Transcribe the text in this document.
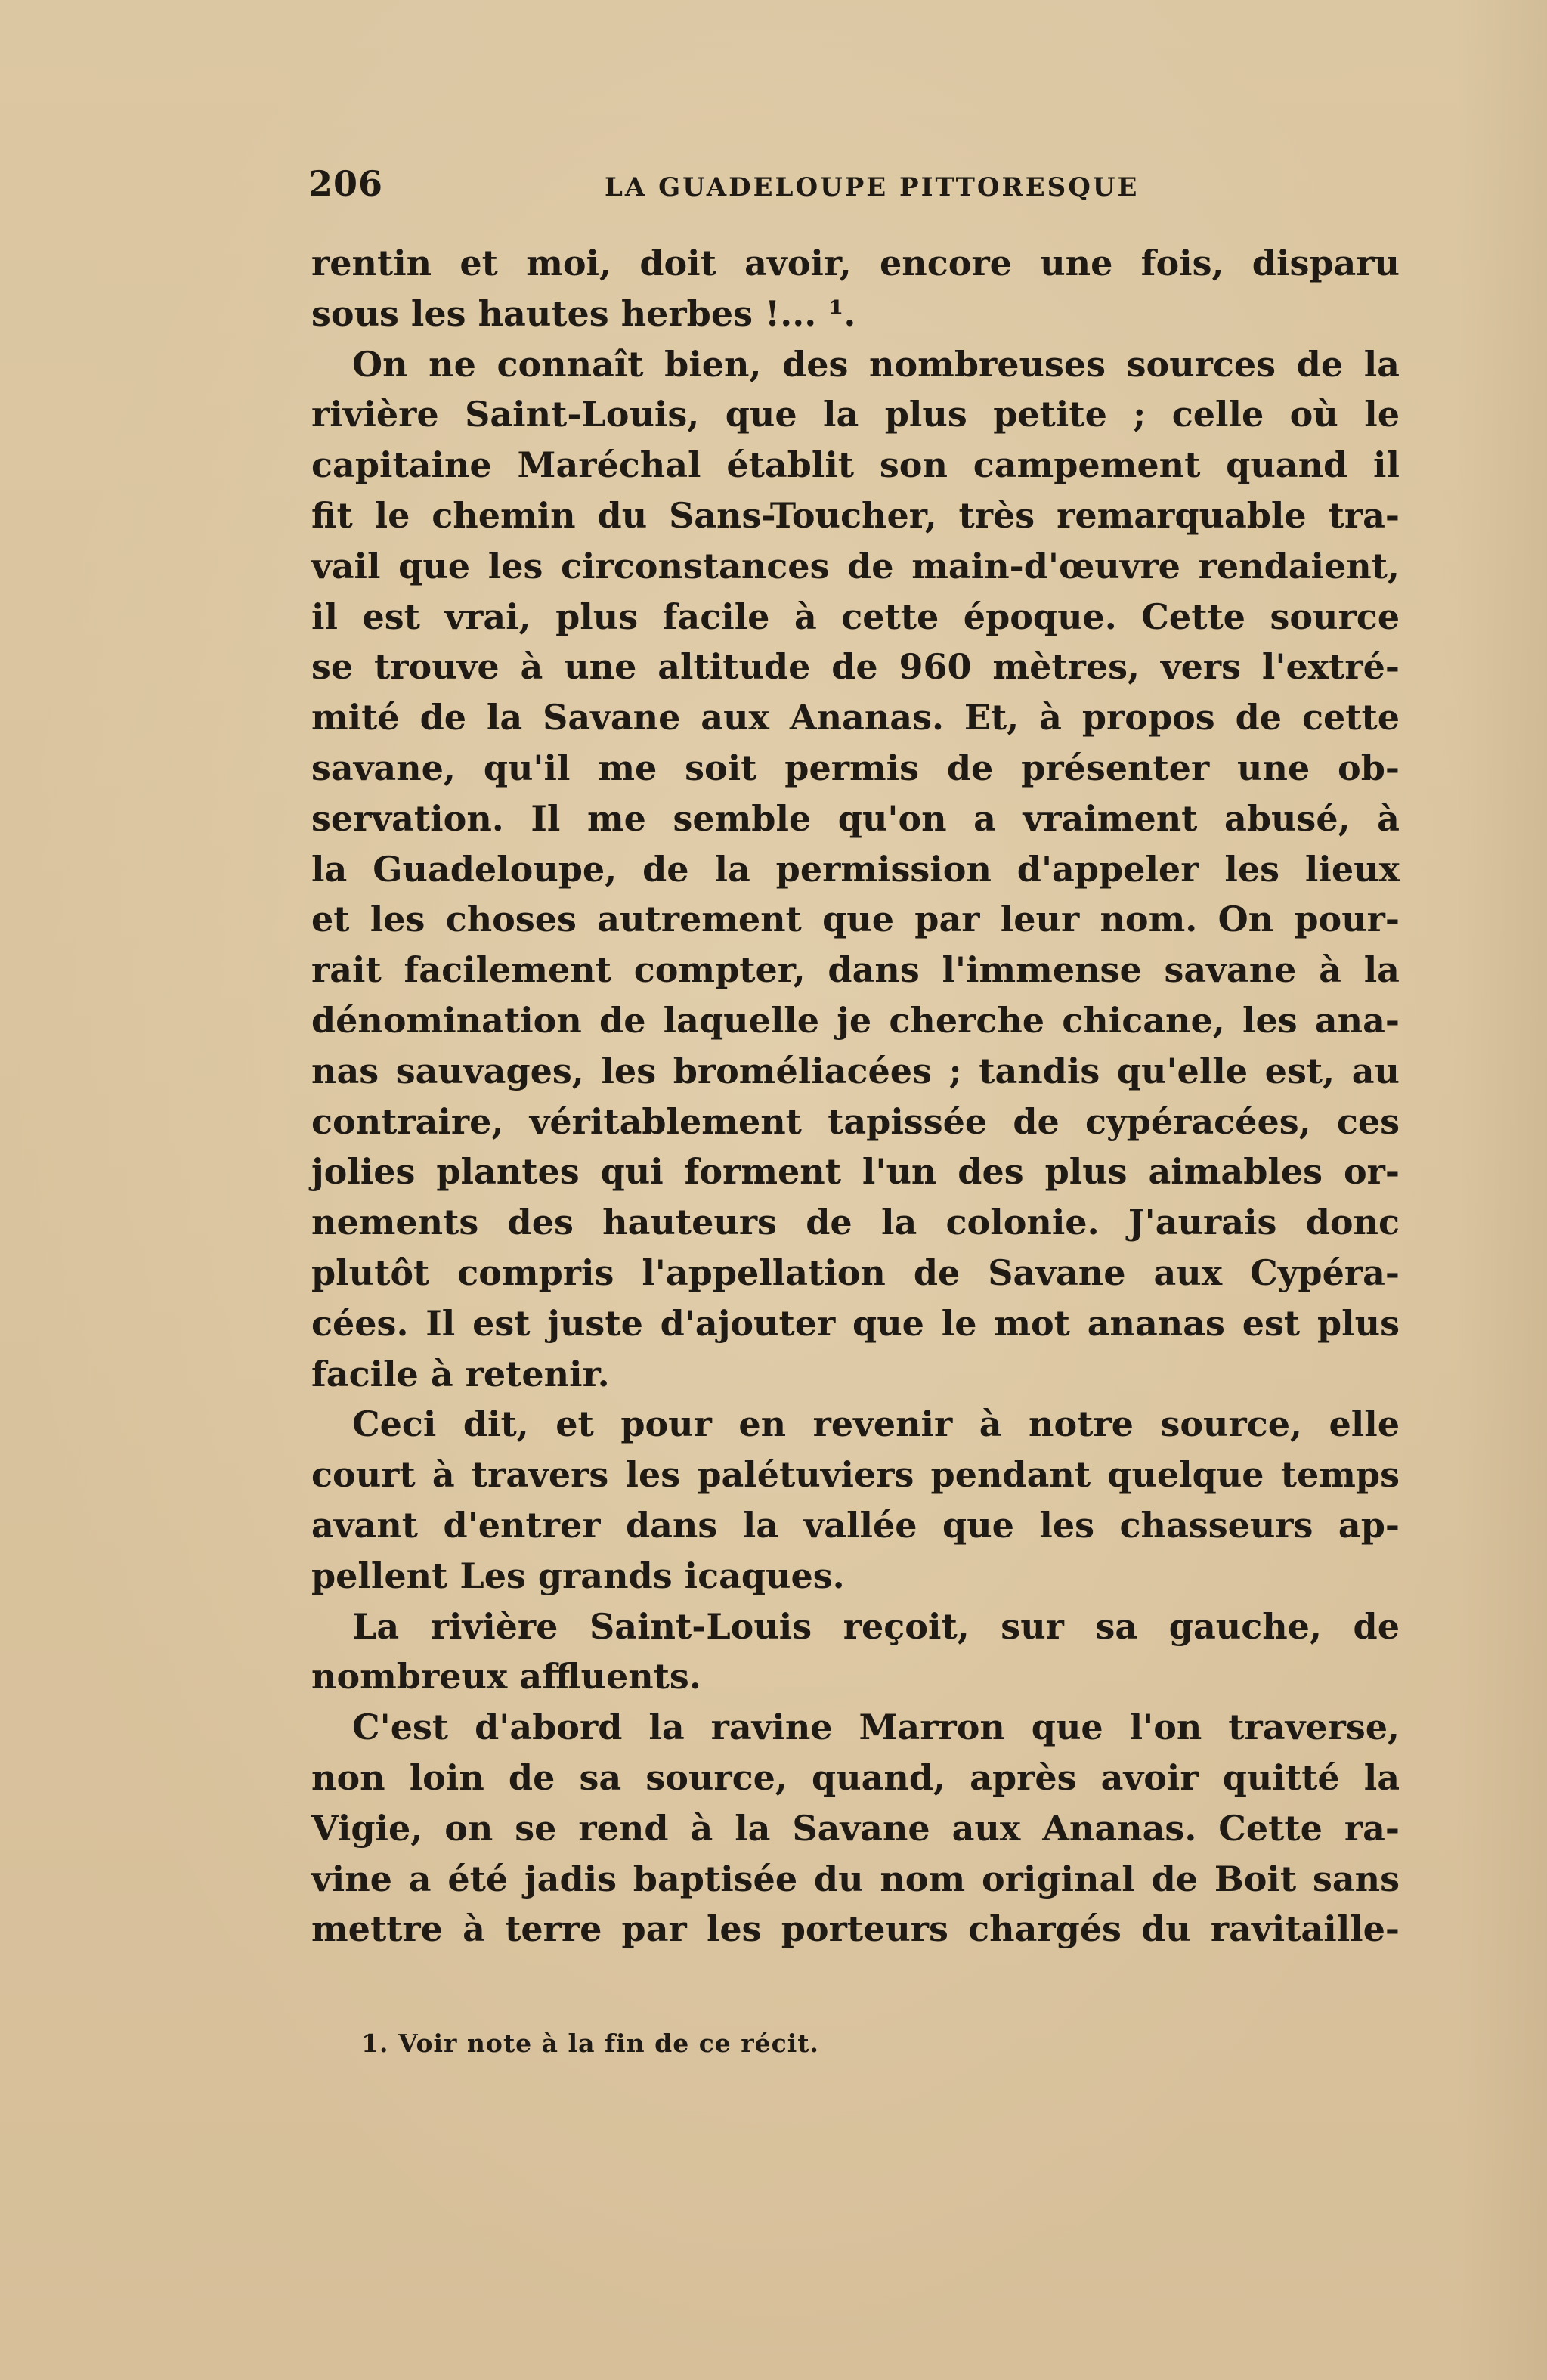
206	LA GUADELOUPE PITTORESQUE
rentin et moi, doit avoir, encore une fois, disparu
sous les hautes herbes !... ¹.
On ne connaît bien, des nombreuses sources de la
rivière Saint-Louis, que la plus petite ; celle où le
capitaine Maréchal établit son campement quand il
fit le chemin du Sans-Toucher, très remarquable tra-
vail que les circonstances de main-d'œuvre rendaient,
il est vrai, plus facile à cette époque. Cette source
se trouve à une altitude de 960 mètres, vers l'extré-
mité de la Savane aux Ananas. Et, à propos de cette
savane, qu'il me soit permis de présenter une ob-
servation. Il me semble qu'on a vraiment abusé, à
la Guadeloupe, de la permission d'appeler les lieux
et les choses autrement que par leur nom. On pour-
rait facilement compter, dans l'immense savane à la
dénomination de laquelle je cherche chicane, les ana-
nas sauvages, les broméliacées ; tandis qu'elle est, au
contraire, véritablement tapissée de cypéracées, ces
jolies plantes qui forment l'un des plus aimables or-
nements des hauteurs de la colonie. J'aurais donc
plutôt compris l'appellation de Savane aux Cypéra-
cées. Il est juste d'ajouter que le mot ananas est plus
facile à retenir.
Ceci dit, et pour en revenir à notre source, elle
court à travers les palétuviers pendant quelque temps
avant d'entrer dans la vallée que les chasseurs ap-
pellent Les grands icaques.
La rivière Saint-Louis reçoit, sur sa gauche, de
nombreux affluents.
C'est d'abord la ravine Marron que l'on traverse,
non loin de sa source, quand, après avoir quitté la
Vigie, on se rend à la Savane aux Ananas. Cette ra-
vine a été jadis baptisée du nom original de Boit sans
mettre à terre par les porteurs chargés du ravitaille-
1. Voir note à la fin de ce récit.
